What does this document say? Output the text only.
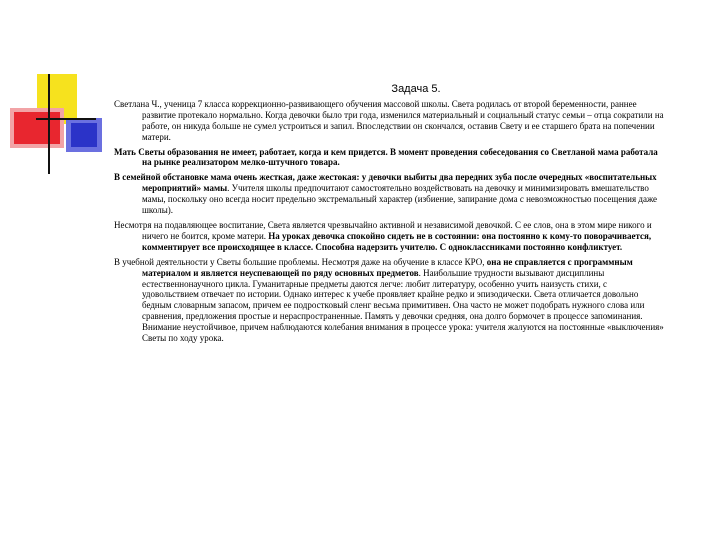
Задача 5.

Светлана Ч., ученица 7 класса коррекционно-развивающего обучения массовой школы. Света родилась от второй беременности, раннее развитие протекало нормально. Когда девочки было три года, изменился материальный и социальный статус семьи – отца сократили на работе, он никуда больше не сумел устроиться и запил. Впоследствии он скончался, оставив Свету и ее старшего брата на попечении матери.

Мать Светы образования не имеет, работает, когда и кем придется. В момент проведения собеседования со Светланой мама работала на рынке реализатором мелко-штучного товара.

В семейной обстановке мама очень жесткая, даже жестокая: у девочки выбиты два передних зуба после очередных «воспитательных мероприятий» мамы. Учителя школы предпочитают самостоятельно воздействовать на девочку и минимизировать вмешательство мамы, поскольку оно всегда носит предельно экстремальный характер (избиение, запирание дома с невозможностью посещения даже школы).

Несмотря на подавляющее воспитание, Света является чрезвычайно активной и независимой девочкой. С ее слов, она в этом мире никого и ничего не боится, кроме матери. На уроках девочка спокойно сидеть не в состоянии: она постоянно к кому-то поворачивается, комментирует все происходящее в классе. Способна надерзить учителю. С одноклассниками постоянно конфликтует.

В учебной деятельности у Светы большие проблемы. Несмотря даже на обучение в классе КРО, она не справляется с программным материалом и является неуспевающей по ряду основных предметов. Наибольшие трудности вызывают дисциплины естественнонаучного цикла. Гуманитарные предметы даются легче: любит литературу, особенно учить наизусть стихи, с удовольствием отвечает по истории. Однако интерес к учебе проявляет крайне редко и эпизодически. Света отличается довольно бедным словарным запасом, причем ее подростковый сленг весьма примитивен. Она часто не может подобрать нужного слова или сравнения, предложения простые и нераспространенные. Память у девочки средняя, она долго бормочет в процессе запоминания. Внимание неустойчивое, причем наблюдаются колебания внимания в процессе урока: учителя жалуются на постоянные «выключения» Светы по ходу урока.
